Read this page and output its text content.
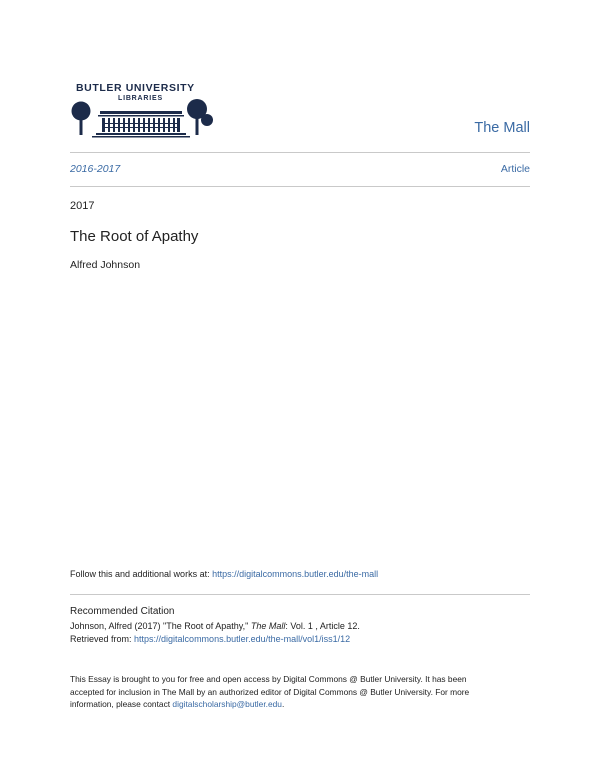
BUTLER UNIVERSITY
LIBRARIES
The Mall
2016-2017	Article
2017
The Root of Apathy
Alfred Johnson
Follow this and additional works at: https://digitalcommons.butler.edu/the-mall
Recommended Citation
Johnson, Alfred (2017) "The Root of Apathy," The Mall: Vol. 1 , Article 12.
Retrieved from: https://digitalcommons.butler.edu/the-mall/vol1/iss1/12
This Essay is brought to you for free and open access by Digital Commons @ Butler University. It has been accepted for inclusion in The Mall by an authorized editor of Digital Commons @ Butler University. For more information, please contact digitalscholarship@butler.edu.
